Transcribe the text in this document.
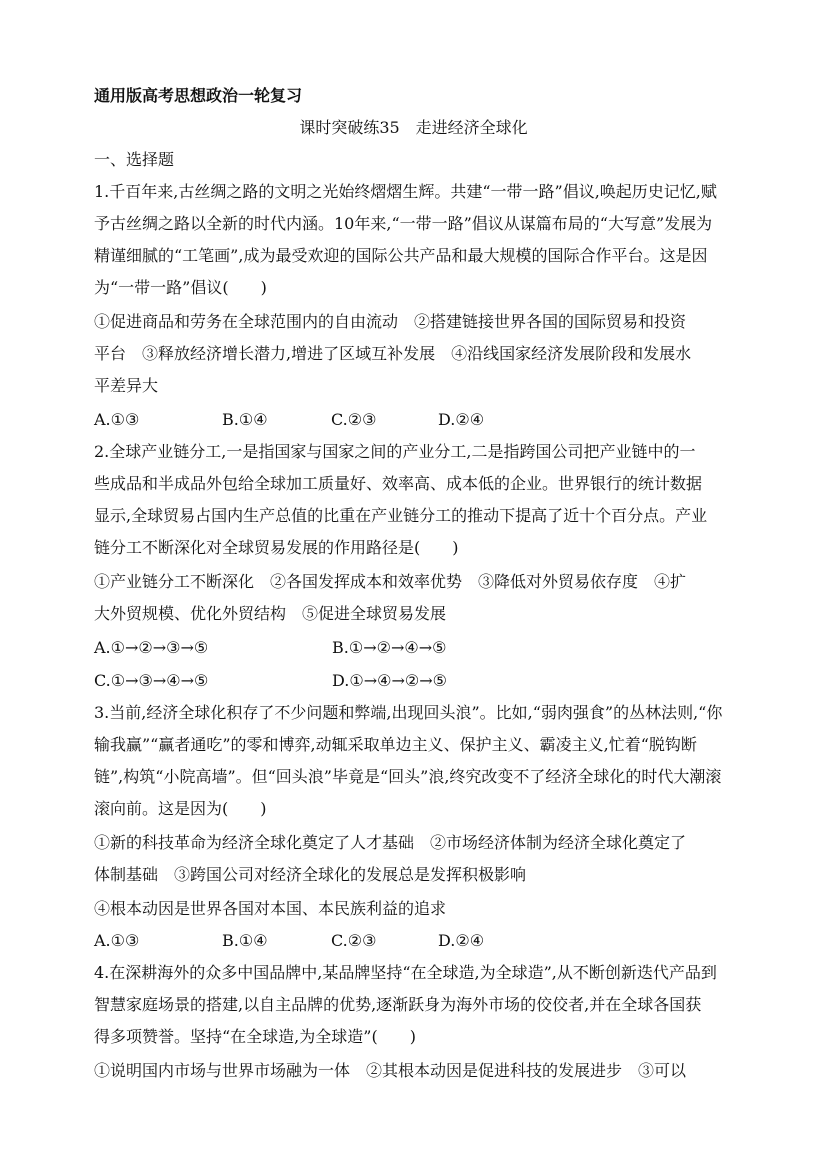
通用版高考思想政治一轮复习
课时突破练35　走进经济全球化
一、选择题
1.千百年来,古丝绸之路的文明之光始终熠熠生辉。共建“一带一路”倡议,唤起历史记忆,赋
予古丝绸之路以全新的时代内涵。10年来,“一带一路”倡议从谋篇布局的“大写意”发展为
精谨细腻的“工笔画”,成为最受欢迎的国际公共产品和最大规模的国际合作平台。这是因
为“一带一路”倡议(　　)
①促进商品和劳务在全球范围内的自由流动　②搭建链接世界各国的国际贸易和投资
平台　③释放经济增长潜力,增进了区域互补发展　④沿线国家经济发展阶段和发展水
平差异大
A.①③	B.①④	C.②③	D.②④
2.全球产业链分工,一是指国家与国家之间的产业分工,二是指跨国公司把产业链中的一
些成品和半成品外包给全球加工质量好、效率高、成本低的企业。世界银行的统计数据
显示,全球贸易占国内生产总值的比重在产业链分工的推动下提高了近十个百分点。产业
链分工不断深化对全球贸易发展的作用路径是(　　)
①产业链分工不断深化　②各国发挥成本和效率优势　③降低对外贸易依存度　④扩
大外贸规模、优化外贸结构　⑤促进全球贸易发展
A.①→②→③→⑤	B.①→②→④→⑤
C.①→③→④→⑤	D.①→④→②→⑤
3.当前,经济全球化积存了不少问题和弊端,出现回头浪”。比如,“弱肉强食”的丛林法则,“你
输我赢”“赢者通吃”的零和博弈,动辄采取单边主义、保护主义、霸凌主义,忙着“脱钩断
链”,构筑“小院高墙”。但“回头浪”毕竟是“回头”浪,终究改变不了经济全球化的时代大潮滚
滚向前。这是因为(　　)
①新的科技革命为经济全球化奠定了人才基础　②市场经济体制为经济全球化奠定了
体制基础　③跨国公司对经济全球化的发展总是发挥积极影响
④根本动因是世界各国对本国、本民族利益的追求
A.①③	B.①④	C.②③	D.②④
4.在深耕海外的众多中国品牌中,某品牌坚持“在全球造,为全球造”,从不断创新迭代产品到
智慧家庭场景的搭建,以自主品牌的优势,逐渐跃身为海外市场的佼佼者,并在全球各国获
得多项赞誉。坚持“在全球造,为全球造”(　　)
①说明国内市场与世界市场融为一体　②其根本动因是促进科技的发展进步　③可以
